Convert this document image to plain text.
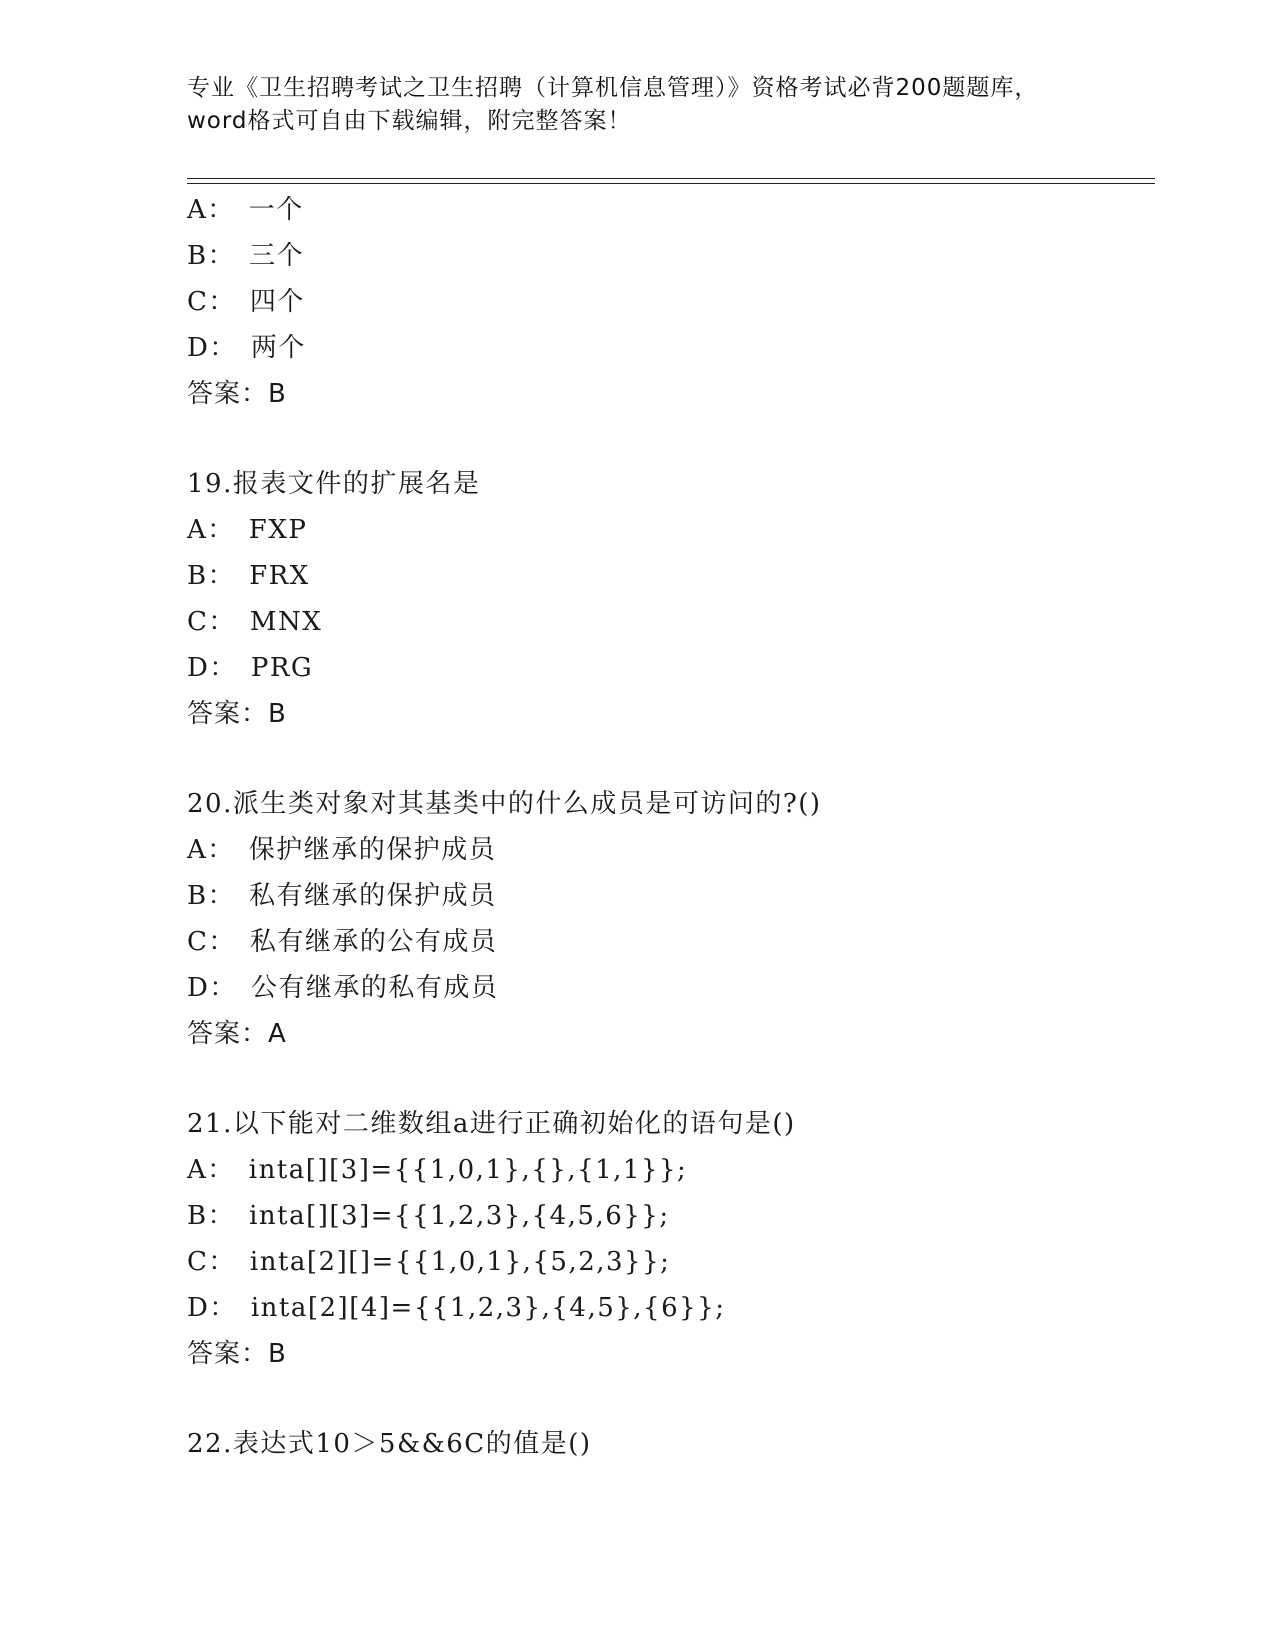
专业《卫生招聘考试之卫生招聘（计算机信息管理）》资格考试必背200题题库，
word格式可自由下载编辑，附完整答案！
A： 一个
B： 三个
C： 四个
D： 两个
答案：B
19.报表文件的扩展名是
A： FXP
B： FRX
C： MNX
D： PRG
答案：B
20.派生类对象对其基类中的什么成员是可访问的?()
A： 保护继承的保护成员
B： 私有继承的保护成员
C： 私有继承的公有成员
D： 公有继承的私有成员
答案：A
21.以下能对二维数组a进行正确初始化的语句是()
A： inta[][3]={{1,0,1},{},{1,1}};
B： inta[][3]={{1,2,3},{4,5,6}};
C： inta[2][]={{1,0,1},{5,2,3}};
D： inta[2][4]={{1,2,3},{4,5},{6}};
答案：B
22.表达式10＞5&&6C的值是()
